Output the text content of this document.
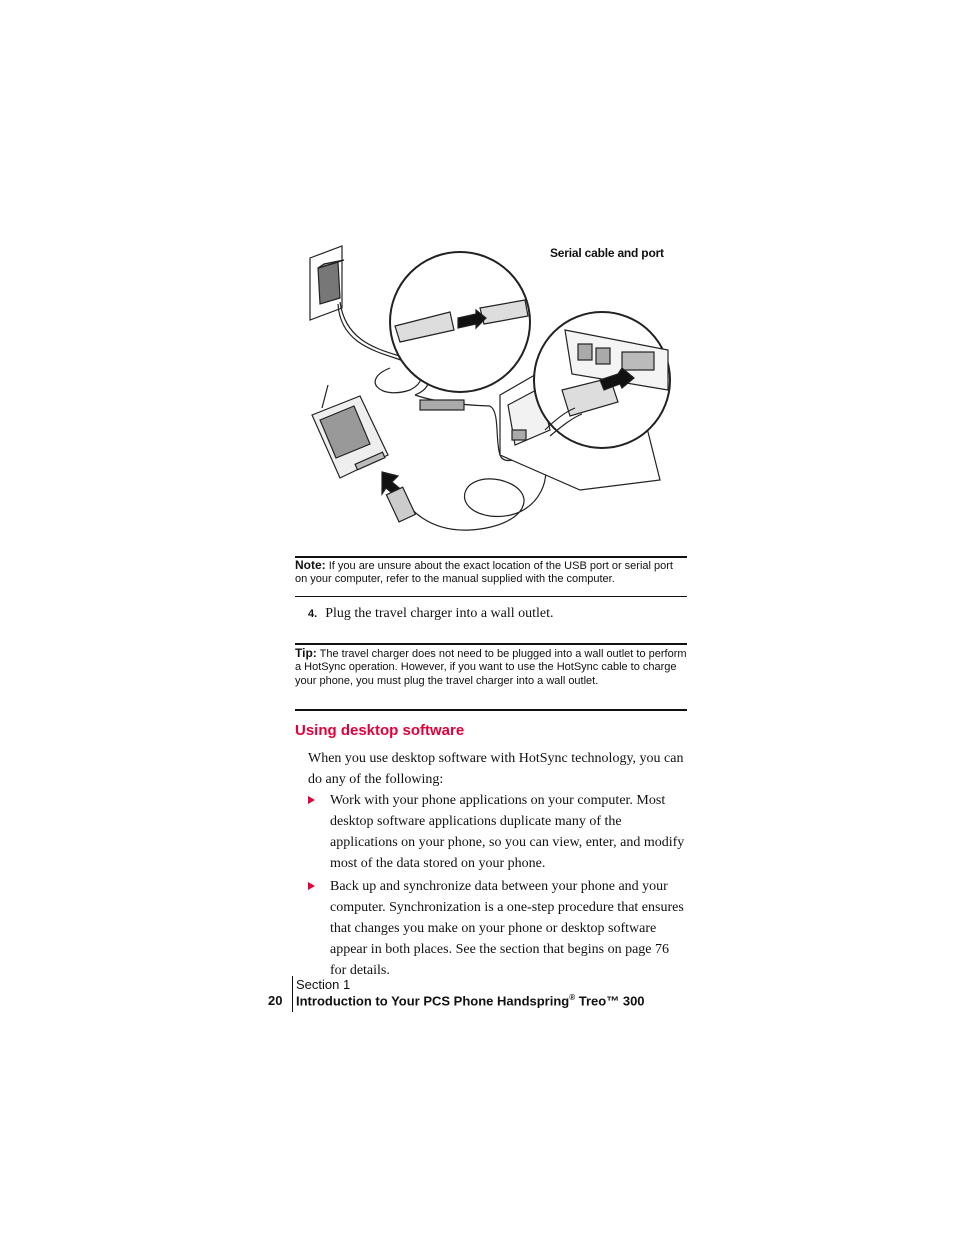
Serial cable and port
Note: If you are unsure about the exact location of the USB port or serial port on your computer, refer to the manual supplied with the computer.
4. Plug the travel charger into a wall outlet.
Tip: The travel charger does not need to be plugged into a wall outlet to perform a HotSync operation. However, if you want to use the HotSync cable to charge your phone, you must plug the travel charger into a wall outlet.
Using desktop software
When you use desktop software with HotSync technology, you can do any of the following:
Work with your phone applications on your computer. Most desktop software applications duplicate many of the applications on your phone, so you can view, enter, and modify most of the data stored on your phone.
Back up and synchronize data between your phone and your computer. Synchronization is a one-step procedure that ensures that changes you make on your phone or desktop software appear in both places. See the section that begins on page 76 for details.
Section 1
20 Introduction to Your PCS Phone Handspring® Treo™ 300
